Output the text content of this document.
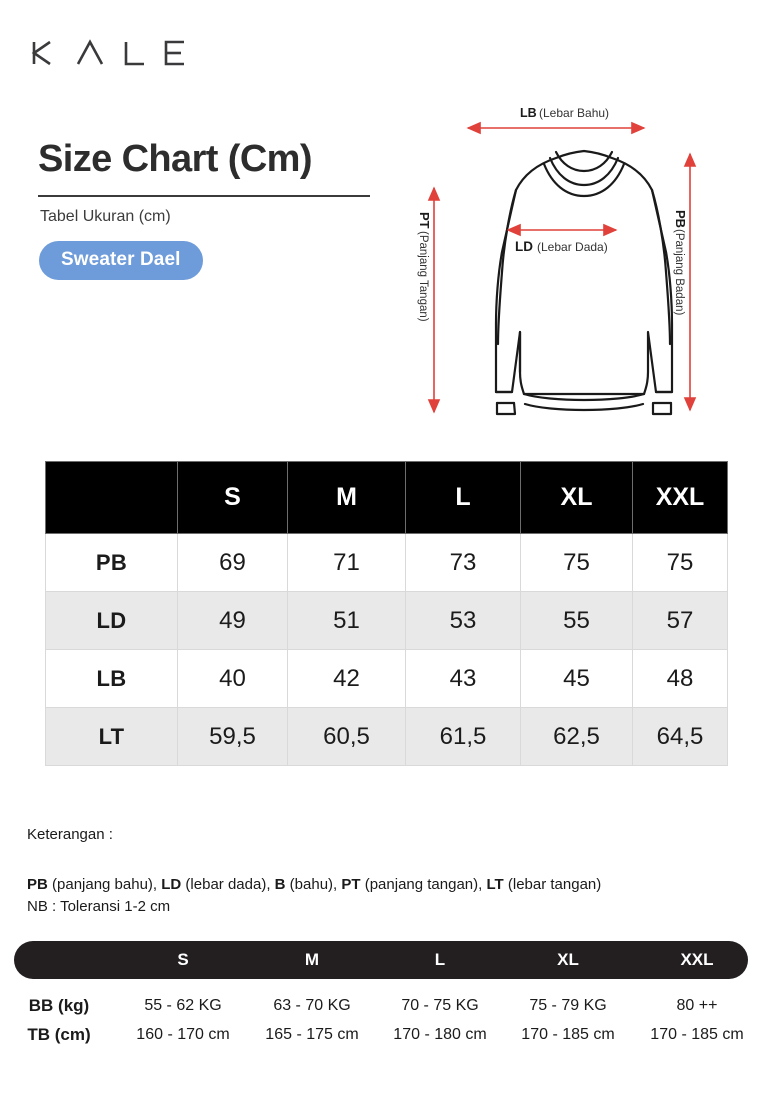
Size Chart (Cm)
Tabel Ukuran (cm)
Sweater Dael
LB (Lebar Bahu)
LD (Lebar Dada)
PT
(Panjang Tangan)
PB
(Panjang Badan)
	S	M	L	XL	XXL
PB	69	71	73	75	75
LD	49	51	53	55	57
LB	40	42	43	45	48
LT	59,5	60,5	61,5	62,5	64,5
Keterangan :
PB (panjang bahu), LD (lebar dada), B (bahu), PT (panjang tangan), LT (lebar tangan)
NB : Toleransi 1-2 cm
	S	M	L	XL	XXL
BB (kg)	55 - 62 KG	63 - 70 KG	70 - 75 KG	75 - 79 KG	80 ++
TB (cm)	160 - 170 cm	165 - 175 cm	170 - 180 cm	170 - 185 cm	170 - 185 cm
